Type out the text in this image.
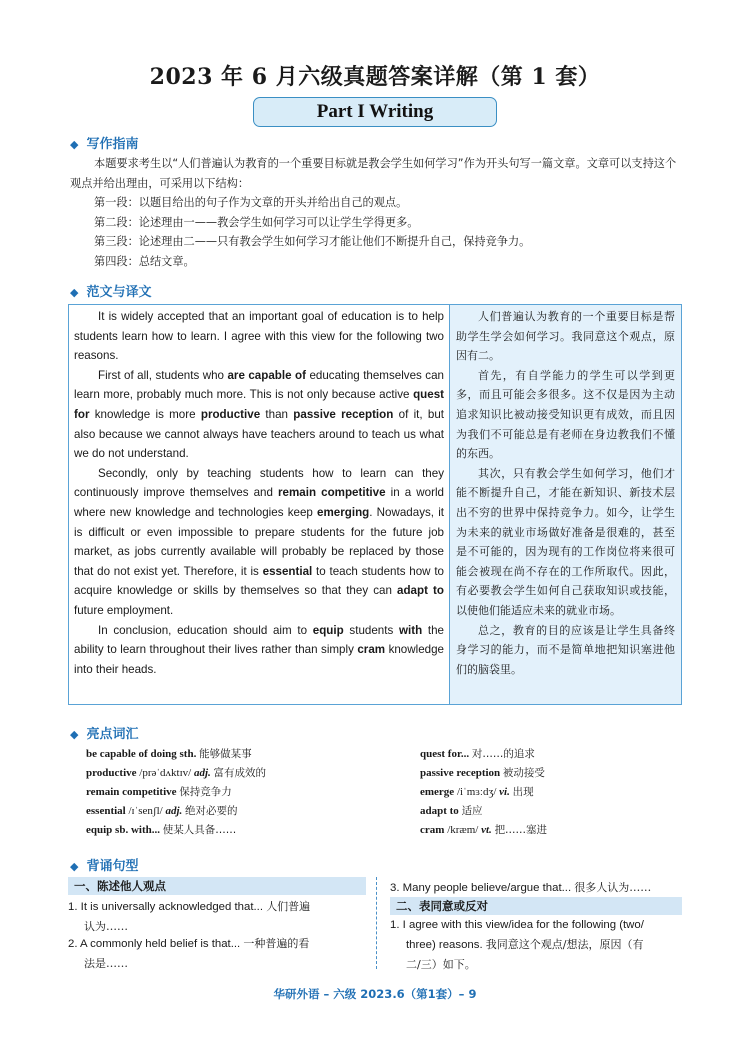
2023 年 6 月六级真题答案详解（第 1 套）
Part I Writing
◆ 写作指南

本题要求考生以“人们普遍认为教育的一个重要目标就是教会学生如何学习”作为开头句写一篇文章。文章可以支持这个观点并给出理由，可采用以下结构：

第一段：以题目给出的句子作为文章的开头并给出自己的观点。

第二段：论述理由一——教会学生如何学习可以让学生学得更多。

第三段：论述理由二——只有教会学生如何学习才能让他们不断提升自己，保持竞争力。

第四段：总结文章。

◆ 范文与译文

It is widely accepted that an important goal of education is to help students learn how to learn. I agree with this view for the following two reasons.

First of all, students who are capable of educating themselves can learn more, probably much more. This is not only because active quest for knowledge is more productive than passive reception of it, but also because we cannot always have teachers around to teach us what we do not understand.

Secondly, only by teaching students how to learn can they continuously improve themselves and remain competitive in a world where new knowledge and technologies keep emerging. Nowadays, it is difficult or even impossible to prepare students for the future job market, as jobs currently available will probably be replaced by those that do not exist yet. Therefore, it is essential to teach students how to acquire knowledge or skills by themselves so that they can adapt to future employment.

In conclusion, education should aim to equip students with the ability to learn throughout their lives rather than simply cram knowledge into their heads.

人们普遍认为教育的一个重要目标是帮助学生学会如何学习。我同意这个观点，原因有二。

首先，有自学能力的学生可以学到更多，而且可能会多很多。这不仅是因为主动追求知识比被动接受知识更有成效，而且因为我们不可能总是有老师在身边教我们不懂的东西。

其次，只有教会学生如何学习，他们才能不断提升自己，才能在新知识、新技术层出不穷的世界中保持竞争力。如今，让学生为未来的就业市场做好准备是很难的，甚至是不可能的，因为现有的工作岗位将来很可能会被现在尚不存在的工作所取代。因此，有必要教会学生如何自己获取知识或技能，以使他们能适应未来的就业市场。

总之，教育的目的应该是让学生具备终身学习的能力，而不是简单地把知识塞进他们的脑袋里。

◆ 亮点词汇
be capable of doing sth. 能够做某事
productive /prəˈdʌktɪv/ adj. 富有成效的
remain competitive 保持竞争力
essential /ɪˈsenʃl/ adj. 绝对必要的
equip sb. with... 使某人具备……
quest for... 对……的追求
passive reception 被动接受
emerge /iˈmɜːdʒ/ vi. 出现
adapt to 适应
cram /kræm/ vt. 把……塞进
◆ 背诵句型
一、陈述他人观点
1. It is universally acknowledged that... 人们普遍
认为……
2. A commonly held belief is that... 一种普遍的看
法是……
3. Many people believe/argue that... 很多人认为……
二、表同意或反对
1. I agree with this view/idea for the following (two/
three) reasons. 我同意这个观点/想法，原因（有
二/三）如下。
华研外语 – 六级 2023.6（第1套）– 9
